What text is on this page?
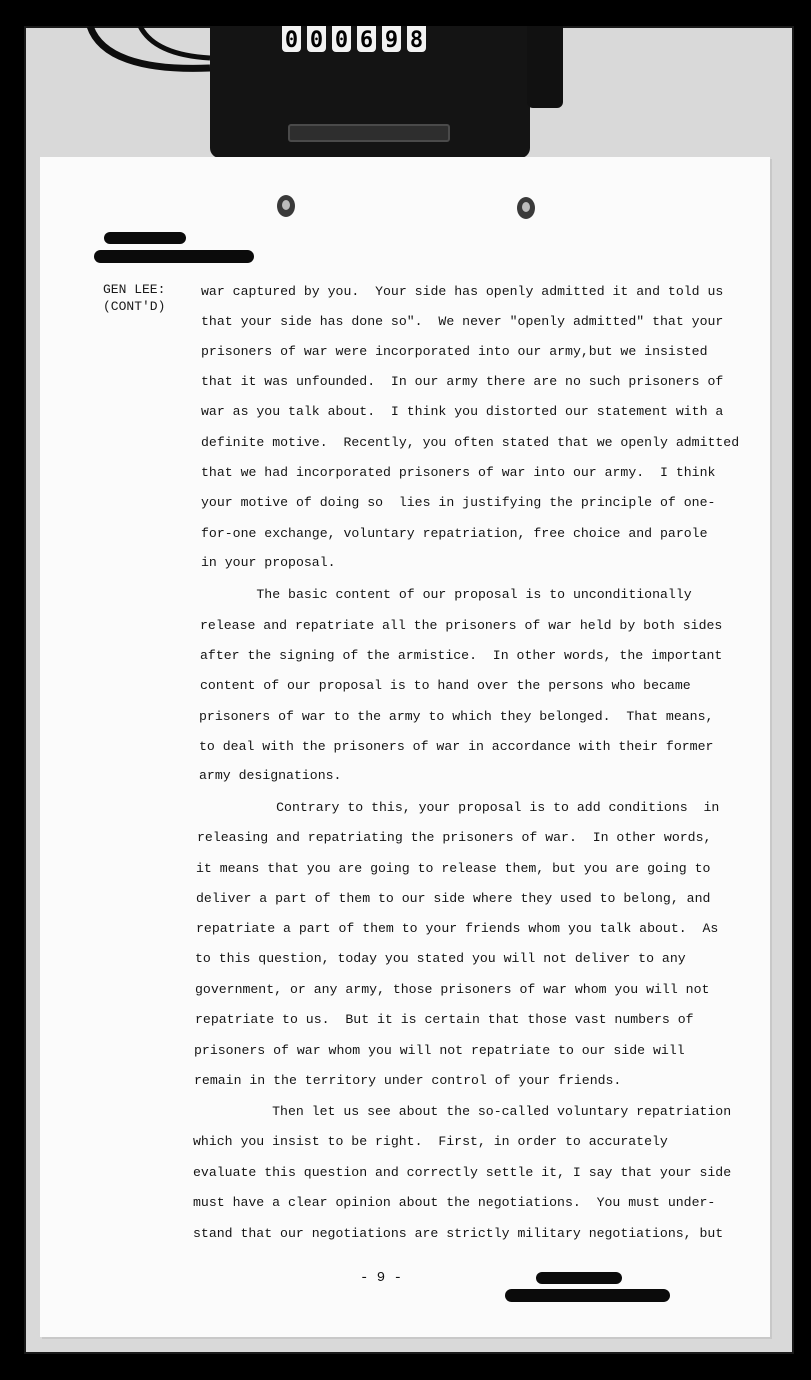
0 0 0 6 9 8
GEN LEE:
(CONT'D)
war captured by you.  Your side has openly admitted it and told us
that your side has done so".  We never "openly admitted" that your
prisoners of war were incorporated into our army,but we insisted
that it was unfounded.  In our army there are no such prisoners of
war as you talk about.  I think you distorted our statement with a
definite motive.  Recently, you often stated that we openly admitted
that we had incorporated prisoners of war into our army.  I think
your motive of doing so  lies in justifying the principle of one-
for-one exchange, voluntary repatriation, free choice and parole
in your proposal.
The basic content of our proposal is to unconditionally
release and repatriate all the prisoners of war held by both sides
after the signing of the armistice.  In other words, the important
content of our proposal is to hand over the persons who became
prisoners of war to the army to which they belonged.  That means,
to deal with the prisoners of war in accordance with their former
army designations.
Contrary to this, your proposal is to add conditions  in
releasing and repatriating the prisoners of war.  In other words,
it means that you are going to release them, but you are going to
deliver a part of them to our side where they used to belong, and
repatriate a part of them to your friends whom you talk about.  As
to this question, today you stated you will not deliver to any
government, or any army, those prisoners of war whom you will not
repatriate to us.  But it is certain that those vast numbers of
prisoners of war whom you will not repatriate to our side will
remain in the territory under control of your friends.
Then let us see about the so-called voluntary repatriation
which you insist to be right.  First, in order to accurately
evaluate this question and correctly settle it, I say that your side
must have a clear opinion about the negotiations.  You must under-
stand that our negotiations are strictly military negotiations, but
- 9 -
